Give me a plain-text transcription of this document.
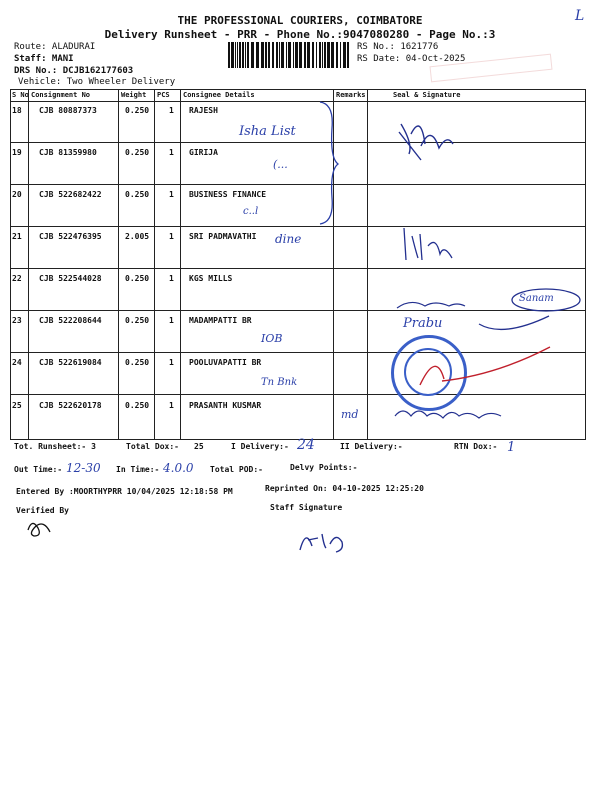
THE PROFESSIONAL COURIERS, COIMBATORE
Delivery Runsheet - PRR - Phone No.:9047080280 - Page No.:3
L
Route: ALADURAI
Staff: MANI
DRS No.: DCJB162177603
Vehicle: Two Wheeler Delivery
RS No.: 1621776
RS Date: 04-Oct-2025
S No Consignment No	Weight PCS Consignee Details	Remarks	Seal & Signature
18 CJB 80887373	0.250 1 RAJESH
Isha List
19 CJB 81359980	0.250 1 GIRIJA
(...
20 CJB 522682422	0.250 1 BUSINESS FINANCE
c..l
21 CJB 522476395	2.005 1 SRI PADMAVATHI dine
22 CJB 522544028	0.250 1 KGS MILLS
23 CJB 522208644	0.250 1 MADAMPATTI BR
IOB
24 CJB 522619084	0.250 1 POOLUVAPATTI BR
Tn Bnk
25 CJB 522620178	0.250 1 PRASANTH KUSMAR
Sanam
Prabu
md
Tot. Runsheet:- 3	Total Dox:- 25	I Delivery:- 24	II Delivery:-	RTN Dox:- 1
Out Time:- 12-30 In Time:- 4.0.0 Total POD:-	Delvy Points:-
Entered By :MOORTHYPRR 10/04/2025 12:18:58 PM	Reprinted On: 04-10-2025 12:25:20
Verified By	Staff Signature
